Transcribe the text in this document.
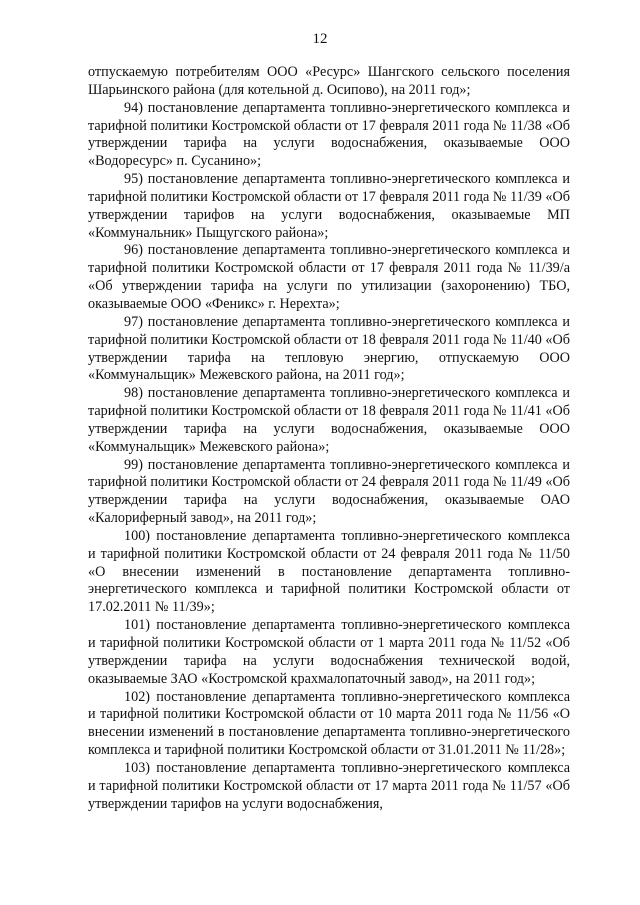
12

отпускаемую потребителям ООО «Ресурс» Шангского сельского поселения Шарьинского района (для котельной д. Осипово), на 2011 год»;

94) постановление департамента топливно-энергетического комплекса и тарифной политики Костромской области от 17 февраля 2011 года № 11/38 «Об утверждении тарифа на услуги водоснабжения, оказываемые ООО «Водоресурс» п. Сусанино»;

95) постановление департамента топливно-энергетического комплекса и тарифной политики Костромской области от 17 февраля 2011 года № 11/39 «Об утверждении тарифов на услуги водоснабжения, оказываемые МП «Коммунальник» Пыщугского района»;

96) постановление департамента топливно-энергетического комплекса и тарифной политики Костромской области от 17 февраля 2011 года № 11/39/а «Об утверждении тарифа на услуги по утилизации (захоронению) ТБО, оказываемые ООО «Феникс» г. Нерехта»;

97) постановление департамента топливно-энергетического комплекса и тарифной политики Костромской области от 18 февраля 2011 года № 11/40 «Об утверждении тарифа на тепловую энергию, отпускаемую ООО «Коммунальщик» Межевского района, на 2011 год»;

98) постановление департамента топливно-энергетического комплекса и тарифной политики Костромской области от 18 февраля 2011 года № 11/41 «Об утверждении тарифа на услуги водоснабжения, оказываемые ООО «Коммунальщик» Межевского района»;

99) постановление департамента топливно-энергетического комплекса и тарифной политики Костромской области от 24 февраля 2011 года № 11/49 «Об утверждении тарифа на услуги водоснабжения, оказываемые ОАО «Калориферный завод», на 2011 год»;

100) постановление департамента топливно-энергетического комплекса и тарифной политики Костромской области от 24 февраля 2011 года № 11/50 «О внесении изменений в постановление департамента топливно-энергетического комплекса и тарифной политики Костромской области от 17.02.2011 № 11/39»;

101) постановление департамента топливно-энергетического комплекса и тарифной политики Костромской области от 1 марта 2011 года № 11/52 «Об утверждении тарифа на услуги водоснабжения технической водой, оказываемые ЗАО «Костромской крахмалопаточный завод», на 2011 год»;

102) постановление департамента топливно-энергетического комплекса и тарифной политики Костромской области от 10 марта 2011 года № 11/56 «О внесении изменений в постановление департамента топливно-энергетического комплекса и тарифной политики Костромской области от 31.01.2011 № 11/28»;

103) постановление департамента топливно-энергетического комплекса и тарифной политики Костромской области от 17 марта 2011 года № 11/57 «Об утверждении тарифов на услуги водоснабжения,
